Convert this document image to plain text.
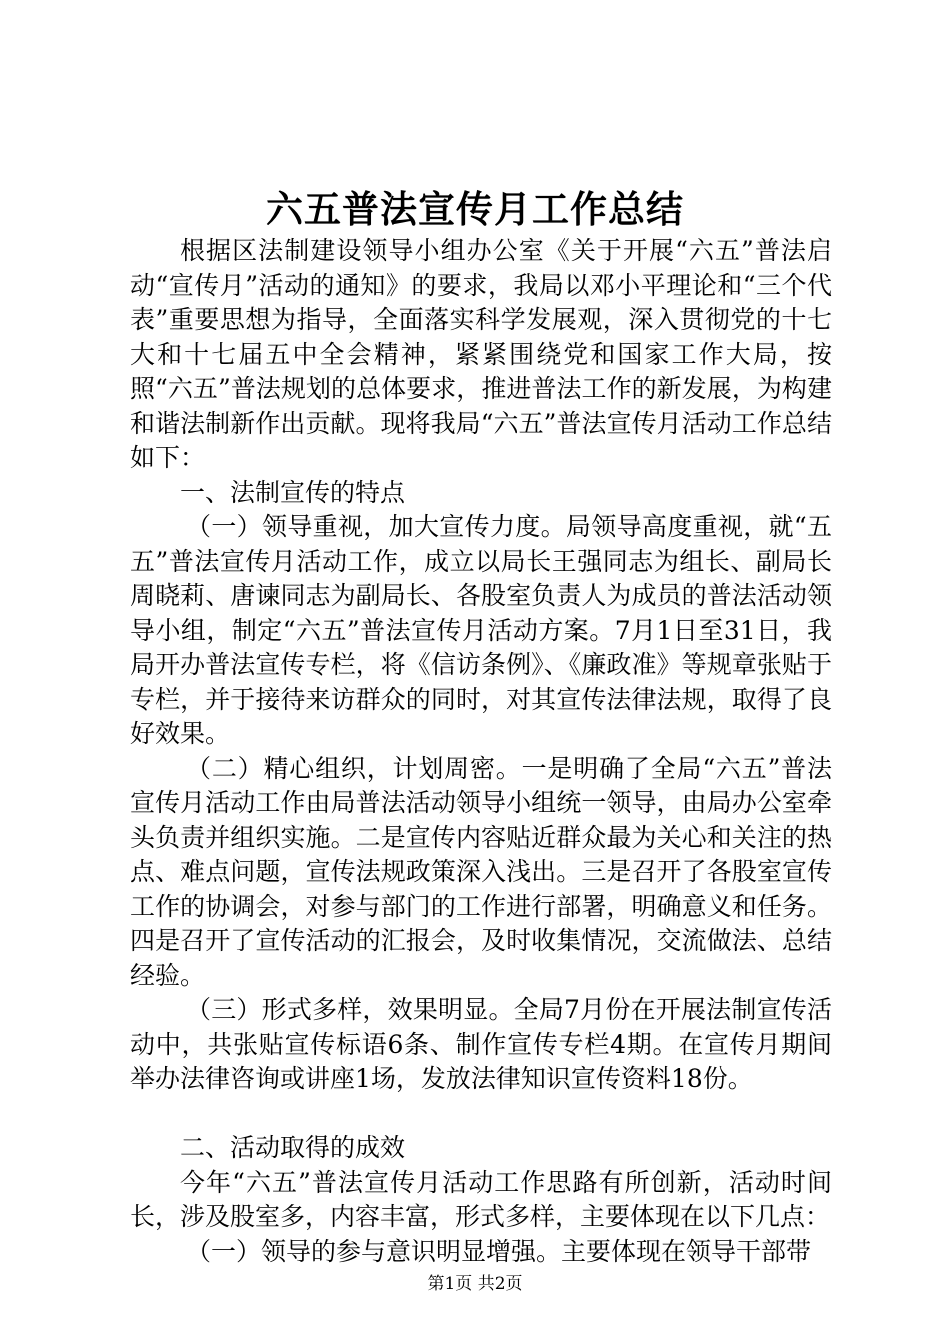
六五普法宣传月工作总结

根据区法制建设领导小组办公室《关于开展“六五”普法启动“宣传月”活动的通知》的要求，我局以邓小平理论和“三个代表”重要思想为指导，全面落实科学发展观，深入贯彻党的十七大和十七届五中全会精神，紧紧围绕党和国家工作大局，按照“六五”普法规划的总体要求，推进普法工作的新发展，为构建和谐法制新作出贡献。现将我局“六五”普法宣传月活动工作总结如下：

一、法制宣传的特点

（一）领导重视，加大宣传力度。局领导高度重视，就“五五”普法宣传月活动工作，成立以局长王强同志为组长、副局长周晓莉、唐谏同志为副局长、各股室负责人为成员的普法活动领导小组，制定“六五”普法宣传月活动方案。7月1日至31日，我局开办普法宣传专栏，将《信访条例》、《廉政准》等规章张贴于专栏，并于接待来访群众的同时，对其宣传法律法规，取得了良好效果。

（二）精心组织，计划周密。一是明确了全局“六五”普法宣传月活动工作由局普法活动领导小组统一领导，由局办公室牵头负责并组织实施。二是宣传内容贴近群众最为关心和关注的热点、难点问题，宣传法规政策深入浅出。三是召开了各股室宣传工作的协调会，对参与部门的工作进行部署，明确意义和任务。四是召开了宣传活动的汇报会，及时收集情况，交流做法、总结经验。

（三）形式多样，效果明显。全局7月份在开展法制宣传活动中，共张贴宣传标语6条、制作宣传专栏4期。在宣传月期间举办法律咨询或讲座1场，发放法律知识宣传资料18份。

二、活动取得的成效

今年“六五”普法宣传月活动工作思路有所创新，活动时间长，涉及股室多，内容丰富，形式多样，主要体现在以下几点：

（一）领导的参与意识明显增强。主要体现在领导干部带

第1页 共2页
